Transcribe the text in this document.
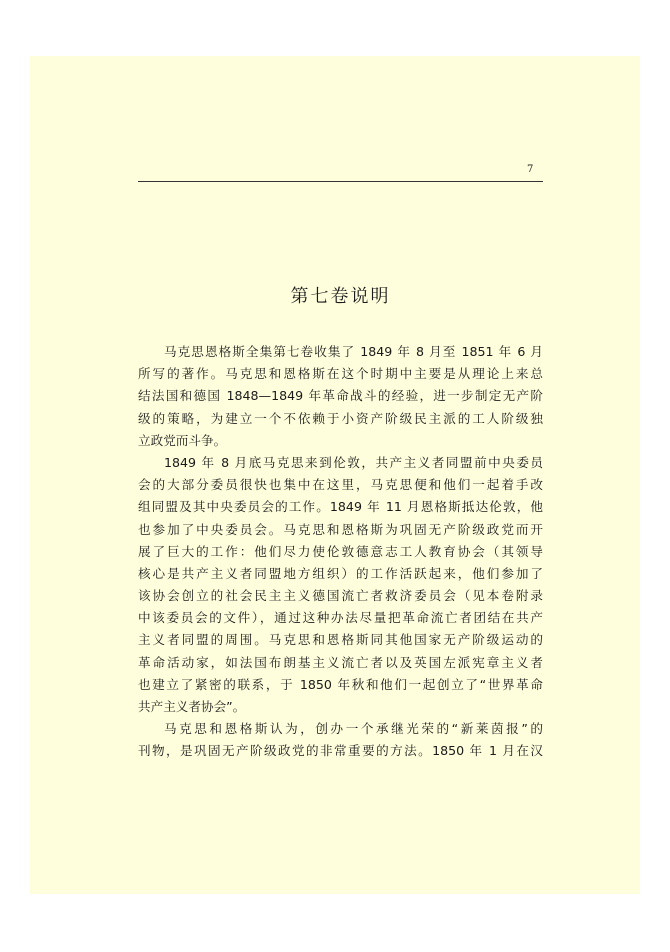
7
第七卷说明
马克思恩格斯全集第七卷收集了 1849 年 8 月至 1851 年 6 月
所写的著作。马克思和恩格斯在这个时期中主要是从理论上来总
结法国和德国 1848—1849 年革命战斗的经验，进一步制定无产阶
级的策略，为建立一个不依赖于小资产阶级民主派的工人阶级独
立政党而斗争。
1849 年 8 月底马克思来到伦敦，共产主义者同盟前中央委员
会的大部分委员很快也集中在这里，马克思便和他们一起着手改
组同盟及其中央委员会的工作。1849 年 11 月恩格斯抵达伦敦，他
也参加了中央委员会。马克思和恩格斯为巩固无产阶级政党而开
展了巨大的工作：他们尽力使伦敦德意志工人教育协会（其领导
核心是共产主义者同盟地方组织）的工作活跃起来，他们参加了
该协会创立的社会民主主义德国流亡者救济委员会（见本卷附录
中该委员会的文件），通过这种办法尽量把革命流亡者团结在共产
主义者同盟的周围。马克思和恩格斯同其他国家无产阶级运动的
革命活动家，如法国布朗基主义流亡者以及英国左派宪章主义者
也建立了紧密的联系，于 1850 年秋和他们一起创立了“世界革命
共产主义者协会”。
马克思和恩格斯认为，创办一个承继光荣的“新莱茵报”的
刊物，是巩固无产阶级政党的非常重要的方法。1850 年 1 月在汉
